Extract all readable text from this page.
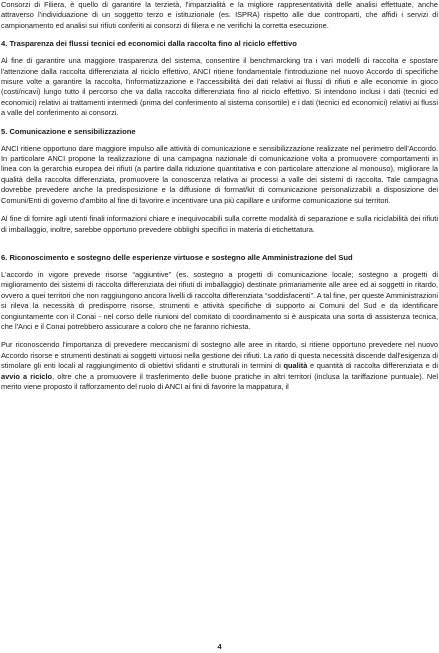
Consorzi di Filiera, è quello di garantire la terzietà, l'imparzialità e la migliore rappresentatività delle analisi effettuate, anche attraverso l'individuazione di un soggetto terzo e istituzionale (es. ISPRA) rispetto alle due controparti, che affidi i servizi di campionamento ed analisi sui rifiuti conferiti ai consorzi di filiera e ne verifichi la corretta esecuzione.

4. Trasparenza dei flussi tecnici ed economici dalla raccolta fino al riciclo effettivo

Al fine di garantire una maggiore trasparenza del sistema, consentire il benchmarcking tra i vari modelli di raccolta e spostare l'attenzione dalla raccolta differenziata al riciclo effettivo, ANCI ritiene fondamentale l'introduzione nel nuovo Accordo di specifiche misure volte a garantire la raccolta, l'informatizzazione e l'accessibilità dei dati relativi ai flussi di rifiuti e alle economie in gioco (costi/ricavi) lungo tutto il percorso che va dalla raccolta differenziata fino al riciclo effettivo. Si intendono inclusi i dati (tecnici ed economici) relativi ai trattamenti intermedi (prima del conferimento al sistema consortile) e i dati (tecnici ed economici) relativi ai flussi a valle del conferimento ai consorzi.

5. Comunicazione e sensibilizzazione

ANCI ritiene opportuno dare maggiore impulso alle attività di comunicazione e sensibilizzazione realizzate nel perimetro dell'Accordo. In particolare ANCI propone la realizzazione di una campagna nazionale di comunicazione volta a promuovere comportamenti in linea con la gerarchia europea dei rifiuti (a partire dalla riduzione quantitativa e con particolare attenzione al monouso), migliorare la qualità della raccolta differenziata, promuovere la conoscenza relativa ai processi a valle dei sistemi di raccolta. Tale campagna dovrebbe prevedere anche la predisposizione e la diffusione di format/kit di comunicazione personalizzabili a disposizione dei Comuni/Enti di governo d'ambito al fine di favorire e incentivare una più capillare e uniforme comunicazione sui territori.

Al fine di fornire agli utenti finali informazioni chiare e inequivocabili sulla corrette modalità di separazione e sulla riciclabilità dei rifiuti di imballaggio, inoltre, sarebbe opportuno prevedere obblighi specifici in materia di etichettatura.

6. Riconoscimento e sostegno delle esperienze virtuose e sostegno alle Amministrazione del Sud

L'accordo in vigore prevede risorse “aggiuntive” (es. sostegno a progetti di comunicazione locale; sostegno a progetti di miglioramento dei sistemi di raccolta differenziata dei rifiuti di imballaggio) destinate primariamente alle aree ed ai soggetti in ritardo, ovvero a quei territori che non raggiungono ancora livelli di raccolta differenziata “soddisfacenti”. A tal fine, per queste Amministrazioni si rileva la necessità di predisporre risorse, strumenti e attività specifiche di supporto ai Comuni del Sud e da identificare congiuntamente con il Conai - nel corso delle riunioni del comitato di coordinamento si è auspicata una sorta di assistenza tecnica, che l'Anci e il Conai potrebbero assicurare a coloro che ne faranno richiesta.

Pur riconoscendo l'importanza di prevedere meccanismi di sostegno alle aree in ritardo, si ritiene opportuno prevedere nel nuovo Accordo risorse e strumenti destinati ai soggetti virtuosi nella gestione dei rifiuti. La ratio di questa necessità discende dall'esigenza di stimolare gli enti locali al raggiungimento di obiettivi sfidanti e strutturali in termini di qualità e quantità di raccolta differenziata e di avvio a riciclo, oltre che a promuovere il trasferimento delle buone pratiche in altri territori (inclusa la tariffazione puntuale). Nel merito viene proposto il rafforzamento del ruolo di ANCI ai fini di favorire la mappatura, il

4
